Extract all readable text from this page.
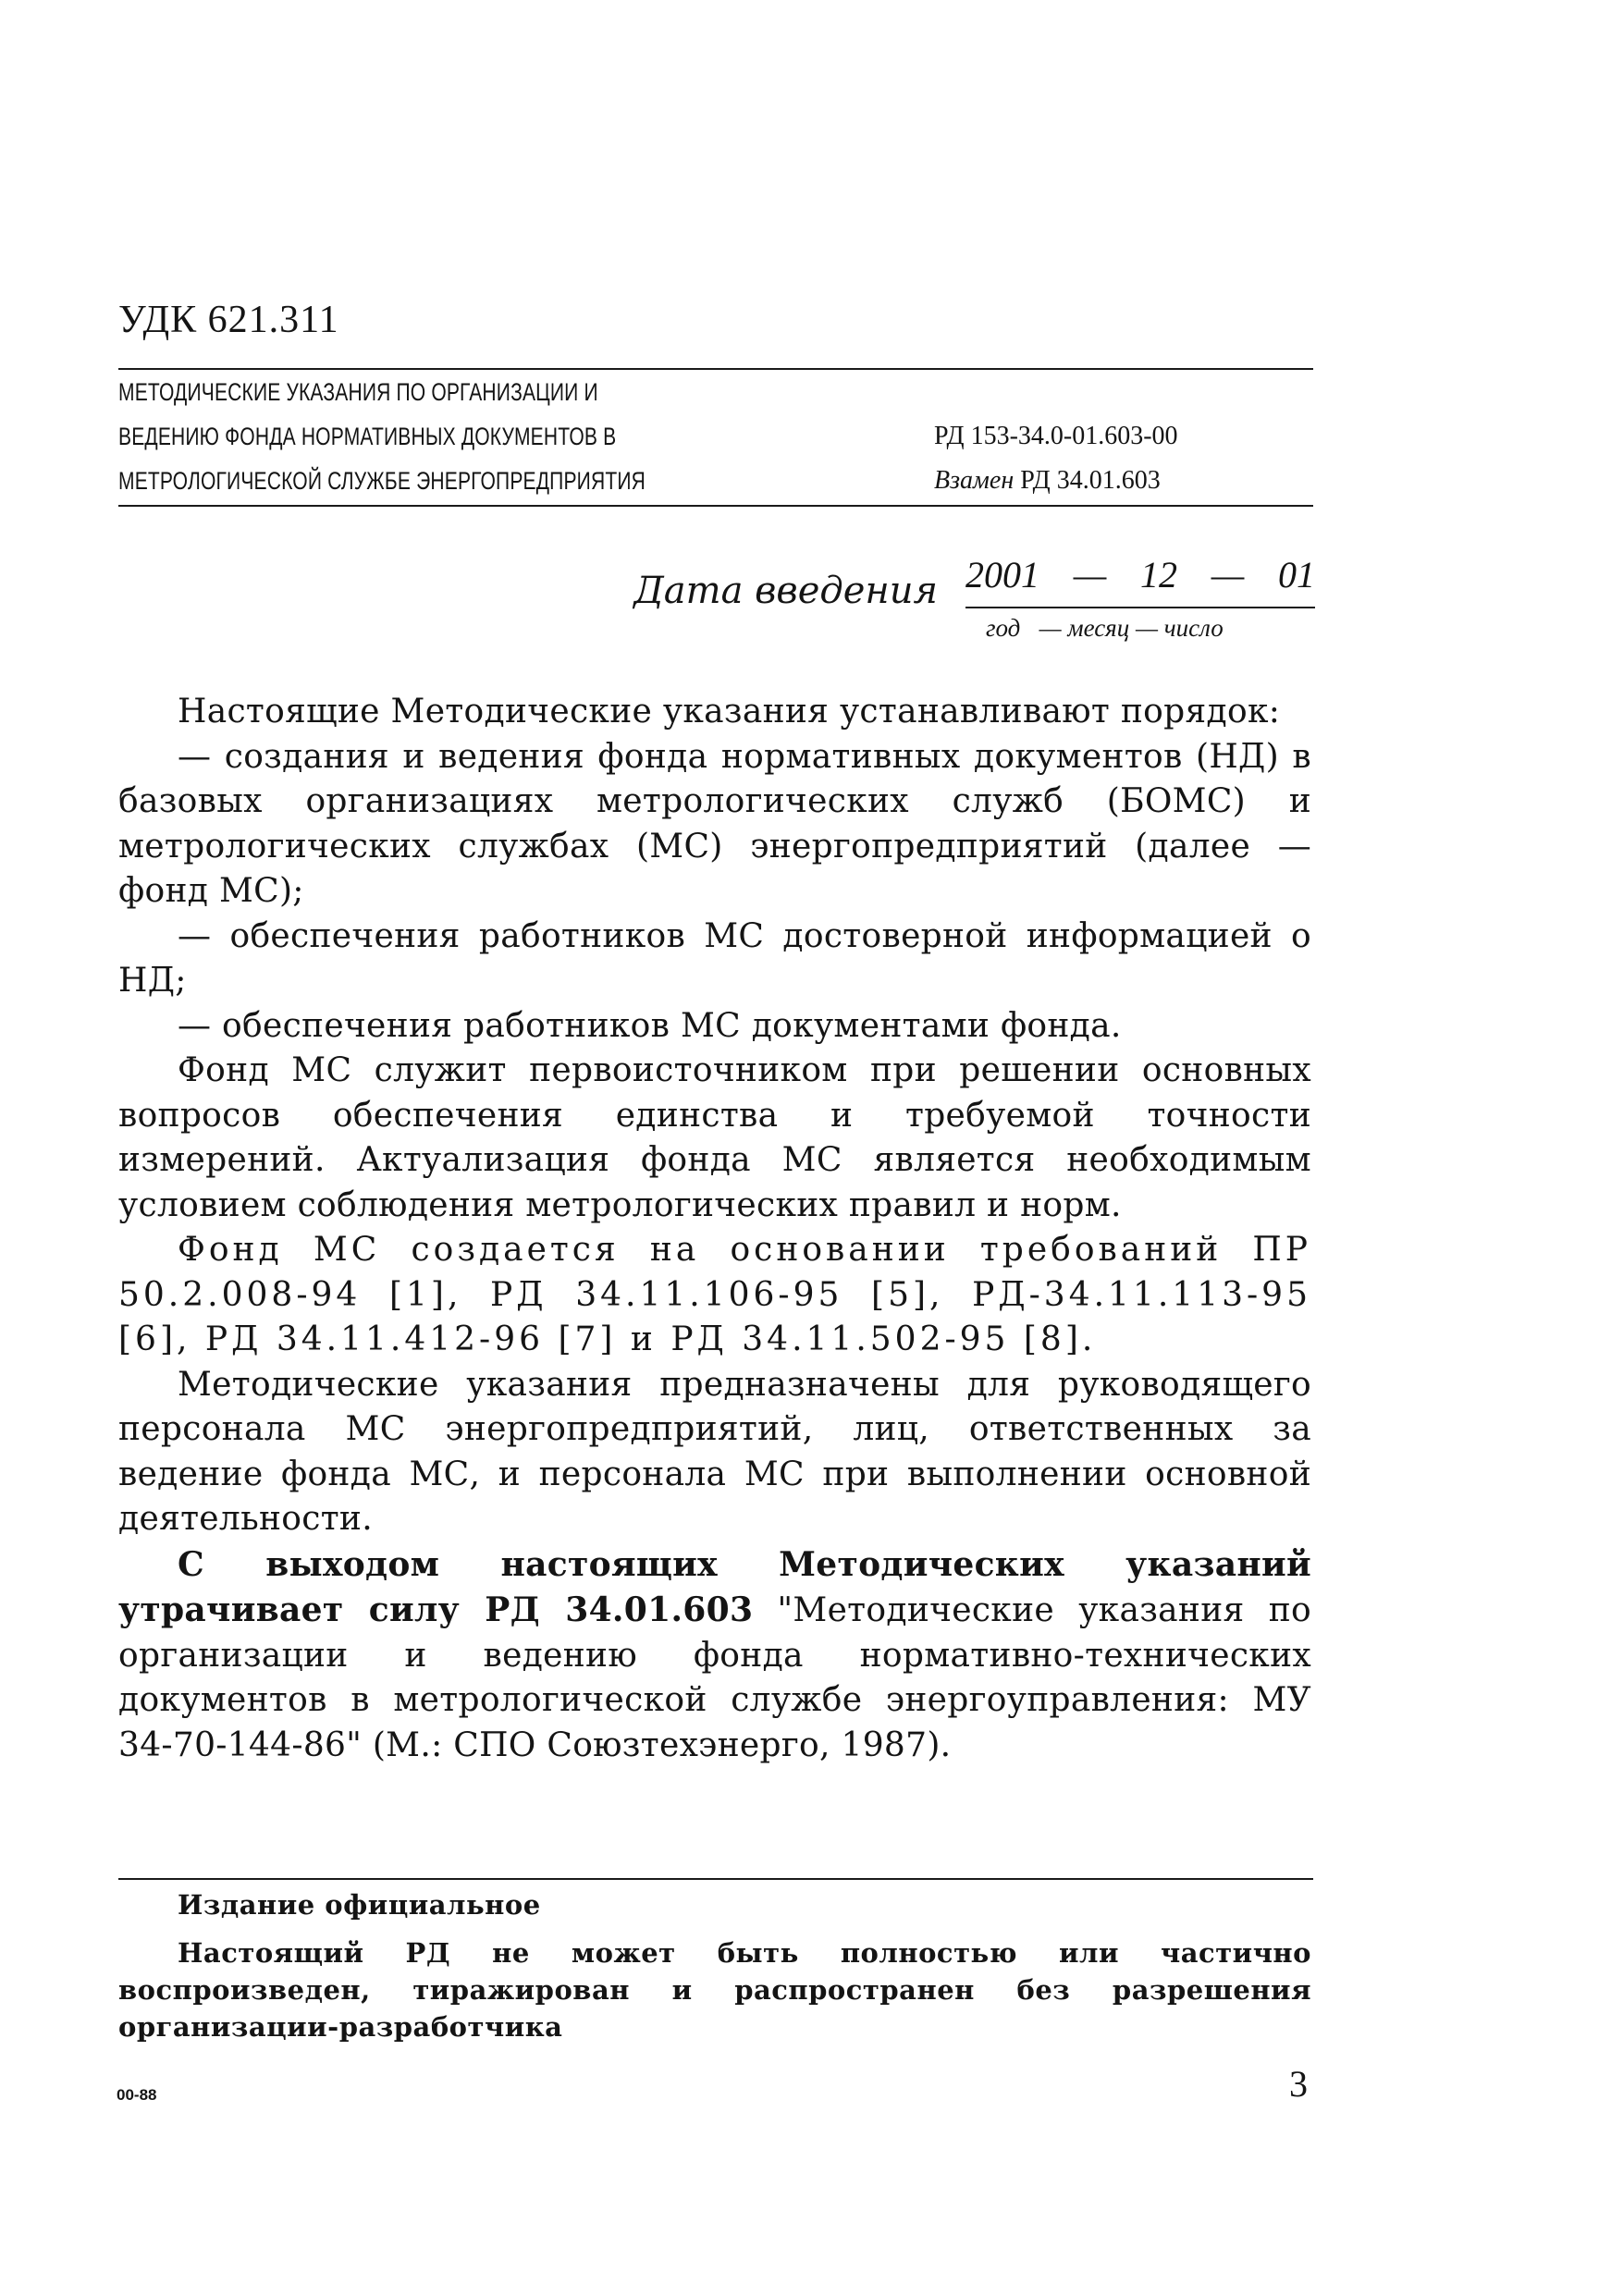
УДК 621.311
МЕТОДИЧЕСКИЕ УКАЗАНИЯ ПО ОРГАНИЗАЦИИ И
ВЕДЕНИЮ ФОНДА НОРМАТИВНЫХ ДОКУМЕНТОВ В
МЕТРОЛОГИЧЕСКОЙ СЛУЖБЕ ЭНЕРГОПРЕДПРИЯТИЯ
РД 153-34.0-01.603-00
Взамен РД 34.01.603
Дата введения 2001 — 12 — 01
год   — месяц — число

Настоящие Методические указания устанавливают порядок:

— создания и ведения фонда нормативных документов (НД) в базовых организациях метрологических служб (БОМС) и метрологических службах (МС) энергопредприятий (далее — фонд МС);

— обеспечения работников МС достоверной информацией о НД;

— обеспечения работников МС документами фонда.

Фонд МС служит первоисточником при решении основных вопросов обеспечения единства и требуемой точности измерений. Актуализация фонда МС является необходимым условием соблюдения метрологических правил и норм.

Фонд МС создается на основании требований ПР 50.2.008-94 [1], РД 34.11.106-95 [5], РД-34.11.113-95 [6], РД 34.11.412-96 [7] и РД 34.11.502-95 [8].

Методические указания предназначены для руководящего персонала МС энергопредприятий, лиц, ответственных за ведение фонда МС, и персонала МС при выполнении основной деятельности.

С выходом настоящих Методических указаний утрачивает силу РД 34.01.603 "Методические указания по организации и ведению фонда нормативно-технических документов в метрологической службе энергоуправления: МУ 34-70-144-86" (М.: СПО Союзтехэнерго, 1987).

Издание официальное

Настоящий РД не может быть полностью или частично воспроизведен, тиражирован и распространен без разрешения организации-разработчика

00-88	3
